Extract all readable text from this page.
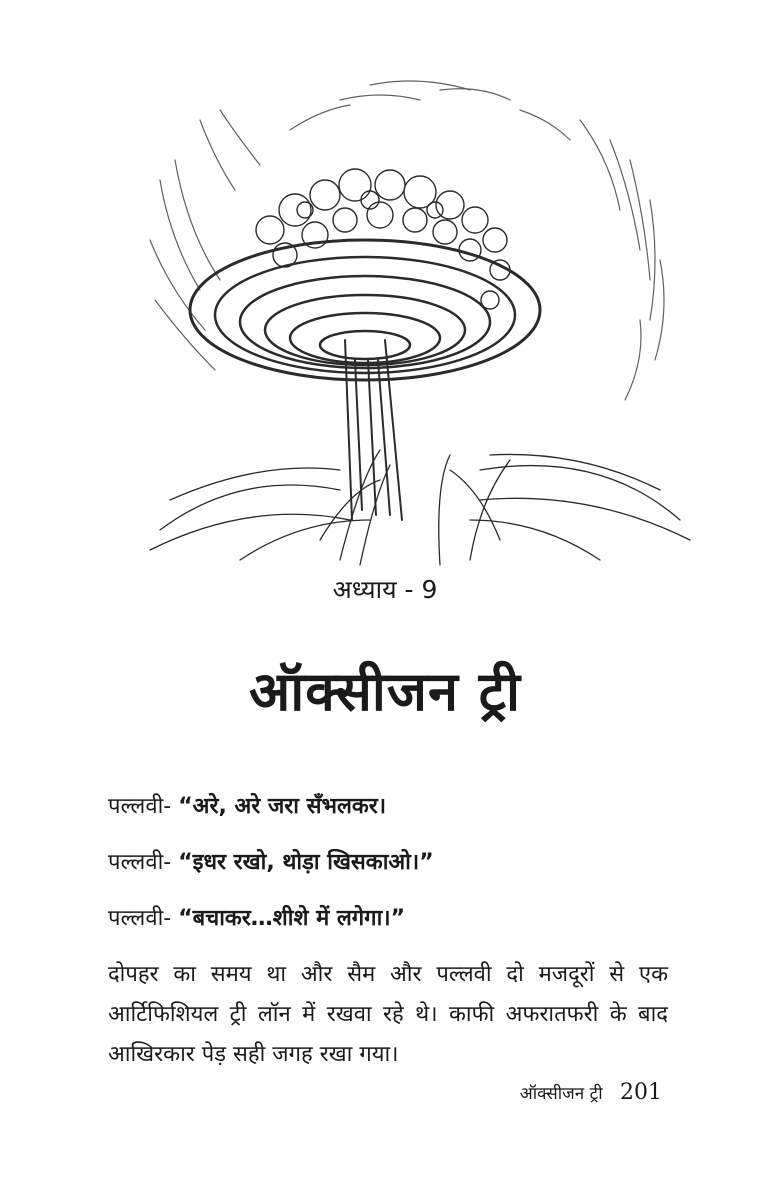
अध्याय - 9
ऑक्सीजन ट्री
पल्लवी- “अरे, अरे जरा सँभलकर।
पल्लवी- “इधर रखो, थोड़ा खिसकाओ।”
पल्लवी- “बचाकर…शीशे में लगेगा।”

दोपहर का समय था और सैम और पल्लवी दो मजदूरों से एक आर्टिफिशियल ट्री लॉन में रखवा रहे थे। काफी अफरातफरी के बाद आखिरकार पेड़ सही जगह रखा गया।

ऑक्सीजन ट्री 201
